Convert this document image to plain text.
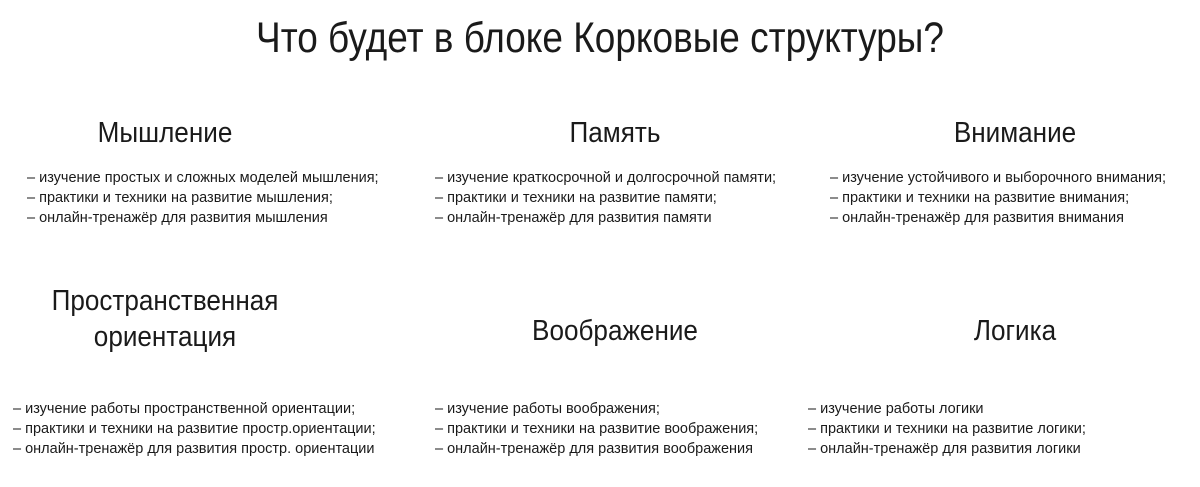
Что будет в блоке Корковые структуры?
Мышление
– изучение простых и сложных моделей мышления;
– практики и техники на развитие мышления;
– онлайн-тренажёр для развития мышления
Память
– изучение краткосрочной и долгосрочной памяти;
– практики и техники на развитие памяти;
– онлайн-тренажёр для развития памяти
Внимание
– изучение устойчивого и выборочного внимания;
– практики и техники на развитие внимания;
– онлайн-тренажёр для развития внимания
Пространственная
ориентация
– изучение работы пространственной ориентации;
– практики и техники на развитие простр.ориентации;
– онлайн-тренажёр для развития простр. ориентации
Воображение
– изучение работы воображения;
– практики и техники на развитие воображения;
– онлайн-тренажёр для развития воображения
Логика
– изучение работы логики
– практики и техники на развитие логики;
– онлайн-тренажёр для развития логики
